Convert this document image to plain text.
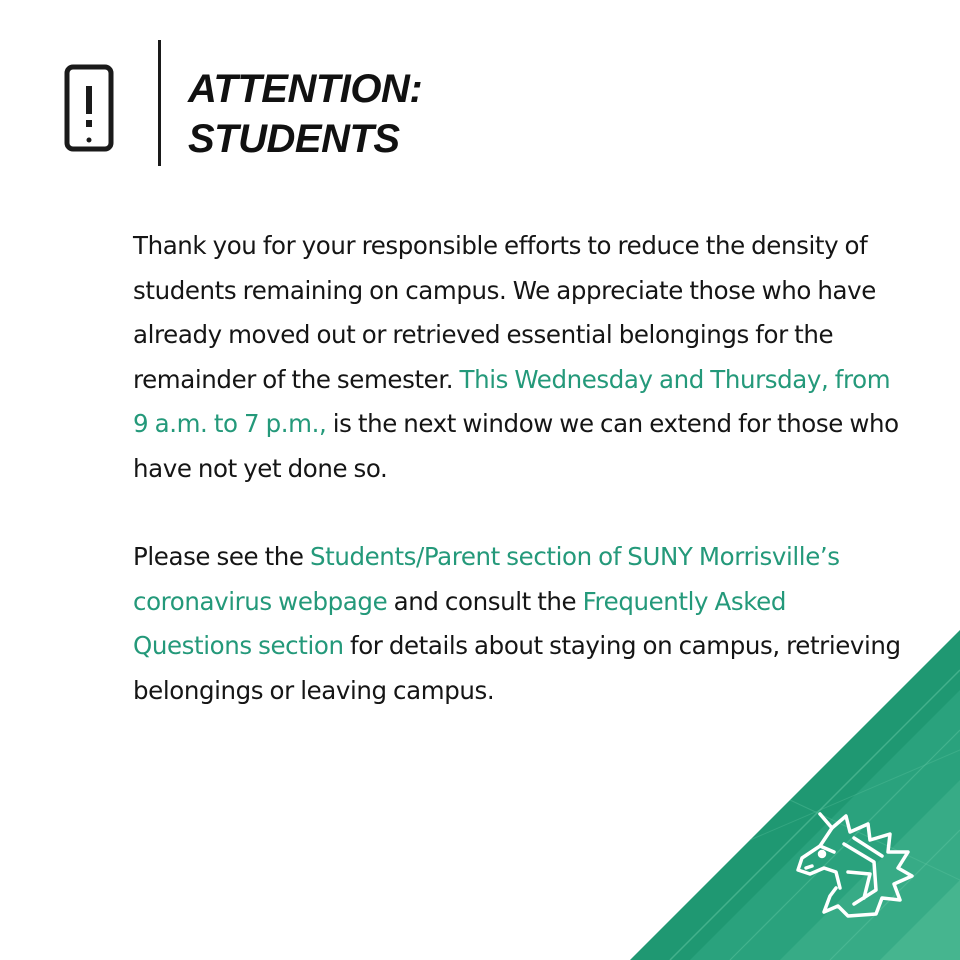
ATTENTION:
STUDENTS

Thank you for your responsible efforts to reduce the density of students remaining on campus. We appreciate those who have already moved out or retrieved essential belongings for the remainder of the semester. This Wednesday and Thursday, from 9 a.m. to 7 p.m., is the next window we can extend for those who have not yet done so.

Please see the Students/Parent section of SUNY Morrisville’s coronavirus webpage and consult the Frequently Asked Questions section for details about staying on campus, retrieving belongings or leaving campus.
